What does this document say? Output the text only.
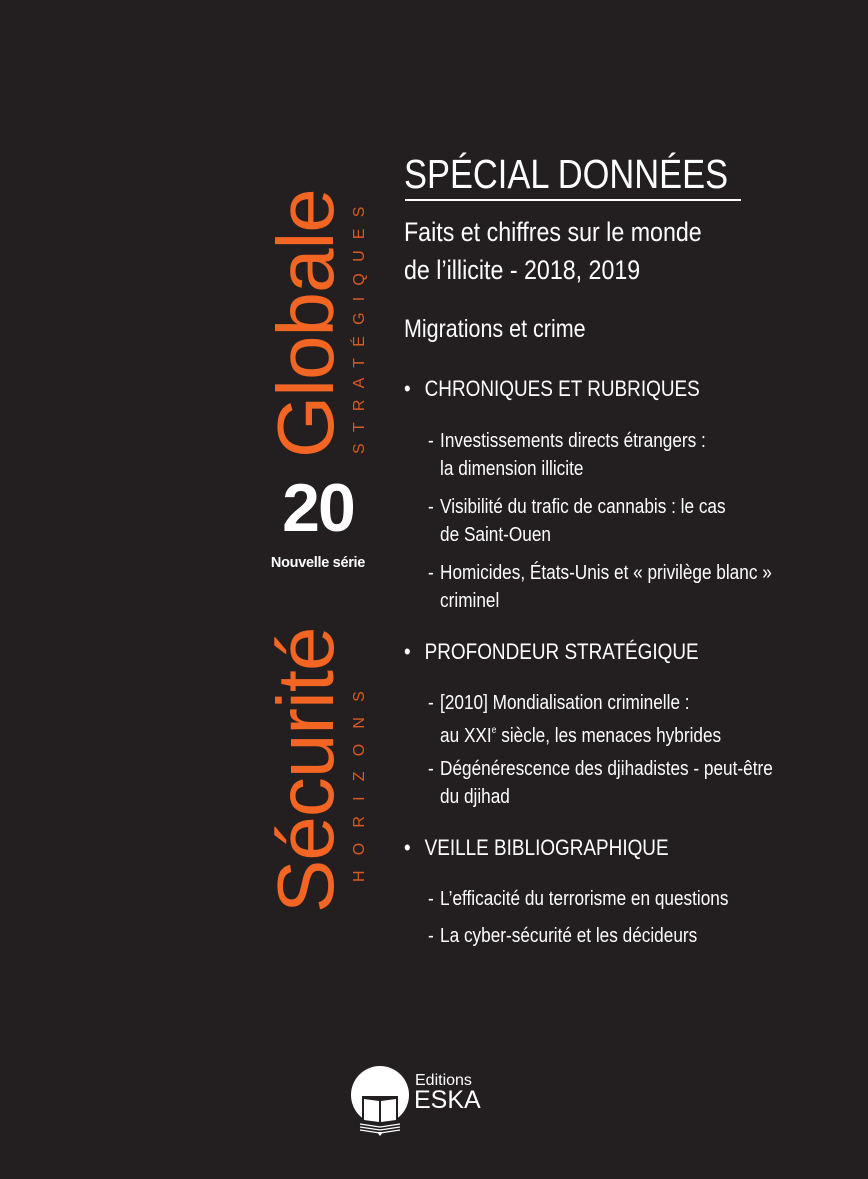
Sécurité
Globale
HORIZONS
STRATÉGIQUES
20
Nouvelle série
SPÉCIAL DONNÉES
Faits et chiffres sur le monde
de l’illicite - 2018, 2019
Migrations et crime
• CHRONIQUES ET RUBRIQUES
- Investissements directs étrangers :
la dimension illicite
- Visibilité du trafic de cannabis : le cas
de Saint-Ouen
- Homicides, États-Unis et « privilège blanc »
criminel
• PROFONDEUR STRATÉGIQUE
- [2010] Mondialisation criminelle :
au XXIe siècle, les menaces hybrides
- Dégénérescence des djihadistes - peut-être
du djihad
• VEILLE BIBLIOGRAPHIQUE
- L’efficacité du terrorisme en questions
- La cyber-sécurité et les décideurs
Editions
ESKA
